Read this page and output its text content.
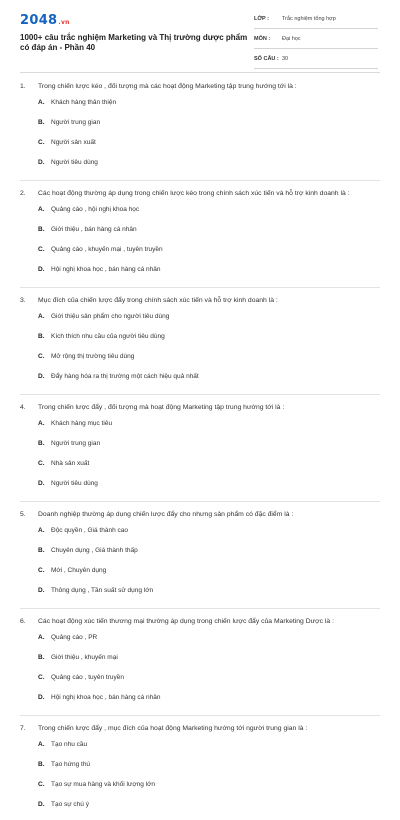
2048.vn
1000+ câu trắc nghiệm Marketing và Thị trường dược phẩm có đáp án - Phần 40
LỚP : Trắc nghiệm tổng hợp
MÔN : Đại học
SỐ CÂU : 30
1.	Trong chiến lược kéo , đối tượng mà các hoạt động Marketing tập trung hướng tới là :
A.	Khách hàng thân thiện
B.	Người trung gian
C.	Người sản xuất
D.	Người tiêu dùng
2.	Các hoạt động thường áp dụng trong chiến lược kéo trong chính sách xúc tiến và hỗ trợ kinh doanh là :
A.	Quảng cáo , hội nghị khoa học
B.	Giới thiệu , bán hàng cá nhân
C.	Quảng cáo , khuyến mại , tuyên truyền
D.	Hội nghị khoa học , bán hàng cá nhân
3.	Mục đích của chiến lược đẩy trong chính sách xúc tiến và hỗ trợ kinh doanh là :
A.	Giới thiệu sản phẩm cho người tiêu dùng
B.	Kích thích nhu cầu của người tiêu dùng
C.	Mở rộng thị trường tiêu dùng
D.	Đẩy hàng hóa ra thị trường một cách hiệu quả nhất
4.	Trong chiến lược đẩy , đối tượng mà hoạt động Marketing tập trung hướng tới là :
A.	Khách hàng mục tiêu
B.	Người trung gian
C.	Nhà sản xuất
D.	Người tiêu dùng
5.	Doanh nghiệp thường áp dụng chiến lược đẩy cho nhưng sản phẩm có đặc điểm là :
A.	Độc quyền , Giá thành cao
B.	Chuyên dụng , Giá thành thấp
C.	Mới , Chuyên dụng
D.	Thông dụng , Tần suất sử dụng lớn
6.	Các hoạt động xúc tiến thương mại thường áp dụng trong chiến lược đẩy của Marketing Dược là :
A.	Quảng cáo , PR
B.	Giới thiệu , khuyến mại
C.	Quảng cáo , tuyên truyền
D.	Hội nghị khoa học , bán hàng cá nhân
7.	Trong chiến lược đẩy , mục đích của hoạt động Marketing hướng tới người trung gian là :
A.	Tạo nhu cầu
B.	Tạo hứng thú
C.	Tạo sự mua hàng và khối lượng lớn
D.	Tạo sự chú ý
